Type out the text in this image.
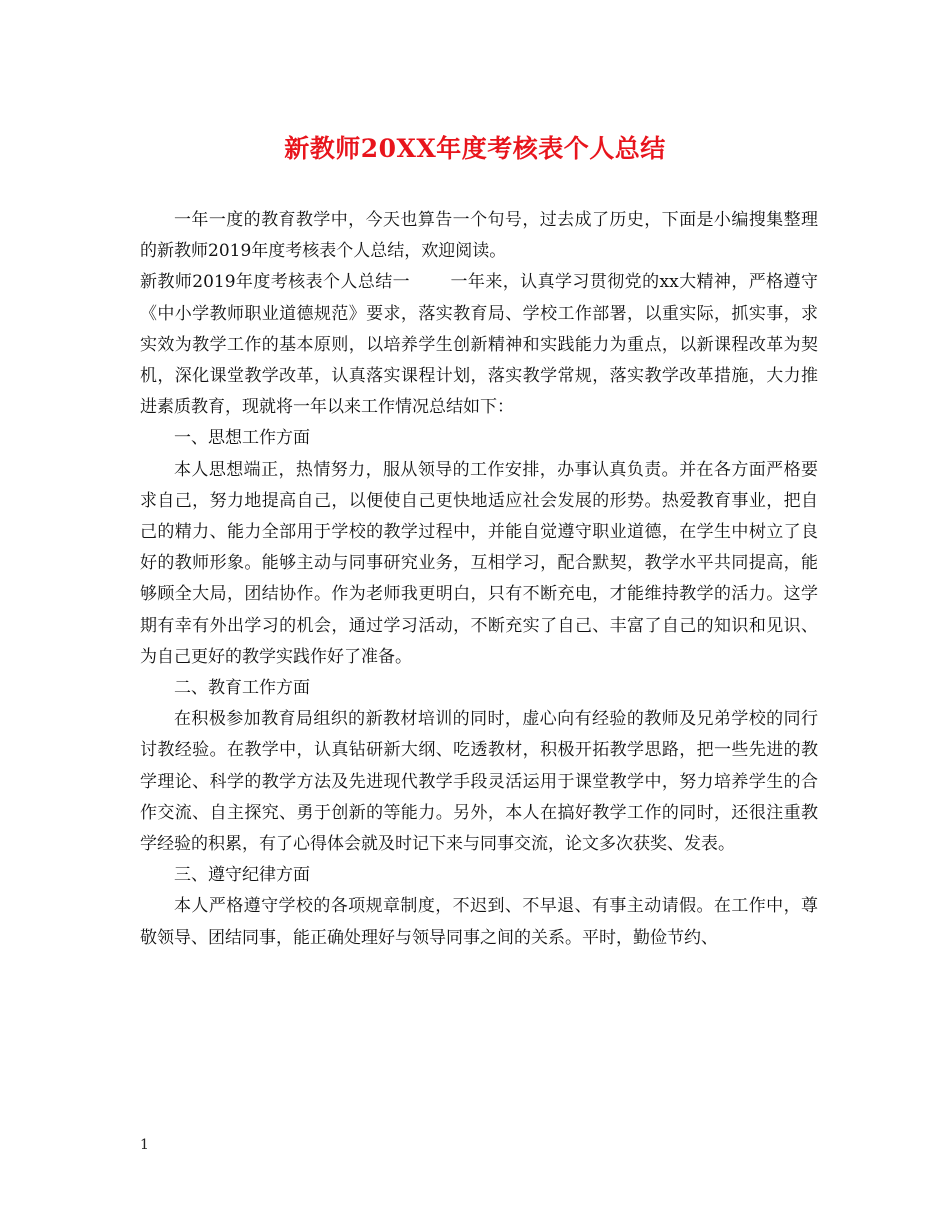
新教师20XX年度考核表个人总结

一年一度的教育教学中，今天也算告一个句号，过去成了历史，下面是小编搜集整理的新教师2019年度考核表个人总结，欢迎阅读。

新教师2019年度考核表个人总结一 一年来，认真学习贯彻党的xx大精神，严格遵守《中小学教师职业道德规范》要求，落实教育局、学校工作部署，以重实际，抓实事，求实效为教学工作的基本原则，以培养学生创新精神和实践能力为重点，以新课程改革为契机，深化课堂教学改革，认真落实课程计划，落实教学常规，落实教学改革措施，大力推进素质教育，现就将一年以来工作情况总结如下：

一、思想工作方面

本人思想端正，热情努力，服从领导的工作安排，办事认真负责。并在各方面严格要求自己，努力地提高自己，以便使自己更快地适应社会发展的形势。热爱教育事业，把自己的精力、能力全部用于学校的教学过程中，并能自觉遵守职业道德，在学生中树立了良好的教师形象。能够主动与同事研究业务，互相学习，配合默契，教学水平共同提高，能够顾全大局，团结协作。作为老师我更明白，只有不断充电，才能维持教学的活力。这学期有幸有外出学习的机会，通过学习活动，不断充实了自己、丰富了自己的知识和见识、为自己更好的教学实践作好了准备。

二、教育工作方面

在积极参加教育局组织的新教材培训的同时，虚心向有经验的教师及兄弟学校的同行讨教经验。在教学中，认真钻研新大纲、吃透教材，积极开拓教学思路，把一些先进的教学理论、科学的教学方法及先进现代教学手段灵活运用于课堂教学中，努力培养学生的合作交流、自主探究、勇于创新的等能力。另外，本人在搞好教学工作的同时，还很注重教学经验的积累，有了心得体会就及时记下来与同事交流，论文多次获奖、发表。

三、遵守纪律方面

本人严格遵守学校的各项规章制度，不迟到、不早退、有事主动请假。在工作中，尊敬领导、团结同事，能正确处理好与领导同事之间的关系。平时，勤俭节约、

1
